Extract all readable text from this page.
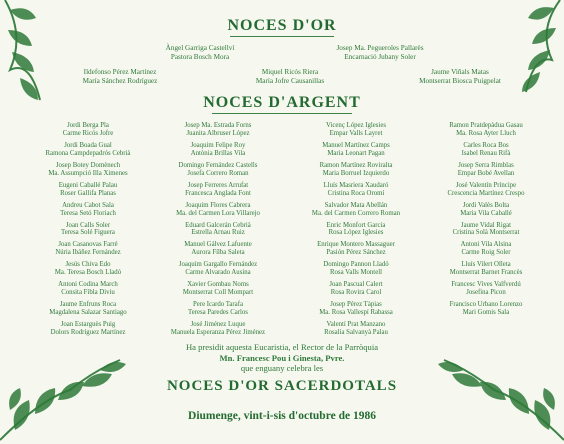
NOCES D'OR
Àngel Garriga Castellví
Pastora Bosch Mora
Josep Ma. Pegueroles Pallarès
Encarnació Jubany Soler
Ildefonso Pérez Martínez
María Sánchez Rodríguez
Miquel Ricós Riera
María Jofre Causanillas
Jaume Viñals Matas
Montserrat Biosca Puigpelat
NOCES D'ARGENT
Jordi Berga Pla
Carme Ricós Jofre
Jordi Boada Gual
Ramona Campdepadrós Cebrià
Josep Botey Domènech
Ma. Assumpció Illa Ximenes
Eugeni Caballé Palau
Roser Gallifa Planas
Andreu Cabot Sala
Teresa Setó Floriach
Joan Calls Soler
Teresa Solé Figuera
Joan Casanovas Farré
Núria Ibáñez Fernández
Jesús Chiva Edo
Ma. Teresa Bosch Lladó
Antoni Codina March
Consita Fíbla Diviu
Jaume Enfruns Roca
Magdalena Salazar Santiago
Joan Estarguès Puig
Dolors Rodríguez Martínez
Josep Ma. Estrada Forns
Juanita Albruser López
Joaquim Felipe Roy
Antònia Brillas Vila
Domingo Fernández Castells
Josefa Correro Roman
Josep Ferreres Arrufat
Francesca Anglada Font
Joaquim Flores Cabrera
Ma. del Carmen Lora Villarejo
Eduard Galcerán Cebrià
Estrella Arnau Ruiz
Manuel Gálvez Lafuente
Aurora Fílba Saleta
Joaquim Gargallo Fernández
Carme Alvarado Ausina
Xavier Gombau Noms
Montserrat Coll Mompart
Pere Icardo Tarafa
Teresa Paredes Carlos
José Jiménez Luque
Manuela Esperanza Pérez Jiménez
Vicenç López Iglesies
Empar Valls Layret
Manuel Martínez Camps
Maria Leonart Pagan
Ramon Martínez Roviralta
Maria Borruel Izquierdo
Lluís Masriera Xaudaró
Cristina Roca Oromí
Salvador Mata Abellán
Ma. del Carmen Correro Roman
Enric Monfort Garcia
Rosa López Iglesies
Enrique Montero Massaguer
Pasión Pérez Sánchez
Domingo Pannon Lladó
Rosa Valls Montell
Joan Pascual Calert
Rosa Rovira Carol
Josep Pérez Tàpias
Ma. Rosa Vallespí Rabassa
Valentí Prat Manzano
Rosalia Salvanyà Palau
Ramon Pratdepàdua Gasau
Ma. Rosa Ayter Lluch
Carles Roca Bos
Isabel Renau Rifà
Josep Serra Rimblas
Empar Bobé Avellan
José Valentín Príncipe
Crescencia Martínez Crespo
Jordi Valès Bolta
Maria Vila Caballé
Jaume Vidal Rigat
Cristina Solà Montserrat
Antoni Vila Alsina
Carme Roig Soler
Lluís Vilert Olleta
Montserrat Barnet Francès
Francesc Vives Valfverdú
Josefina Picon
Francisco Urbano Lorenzo
Mari Gomis Sala
Ha presidit aquesta Eucaristia, el Rector de la Parròquia
Mn. Francesc Pou i Ginesta, Pvre.
que enguany celebra les
NOCES D'OR SACERDOTALS
Diumenge, vint-i-sis d'octubre de 1986
